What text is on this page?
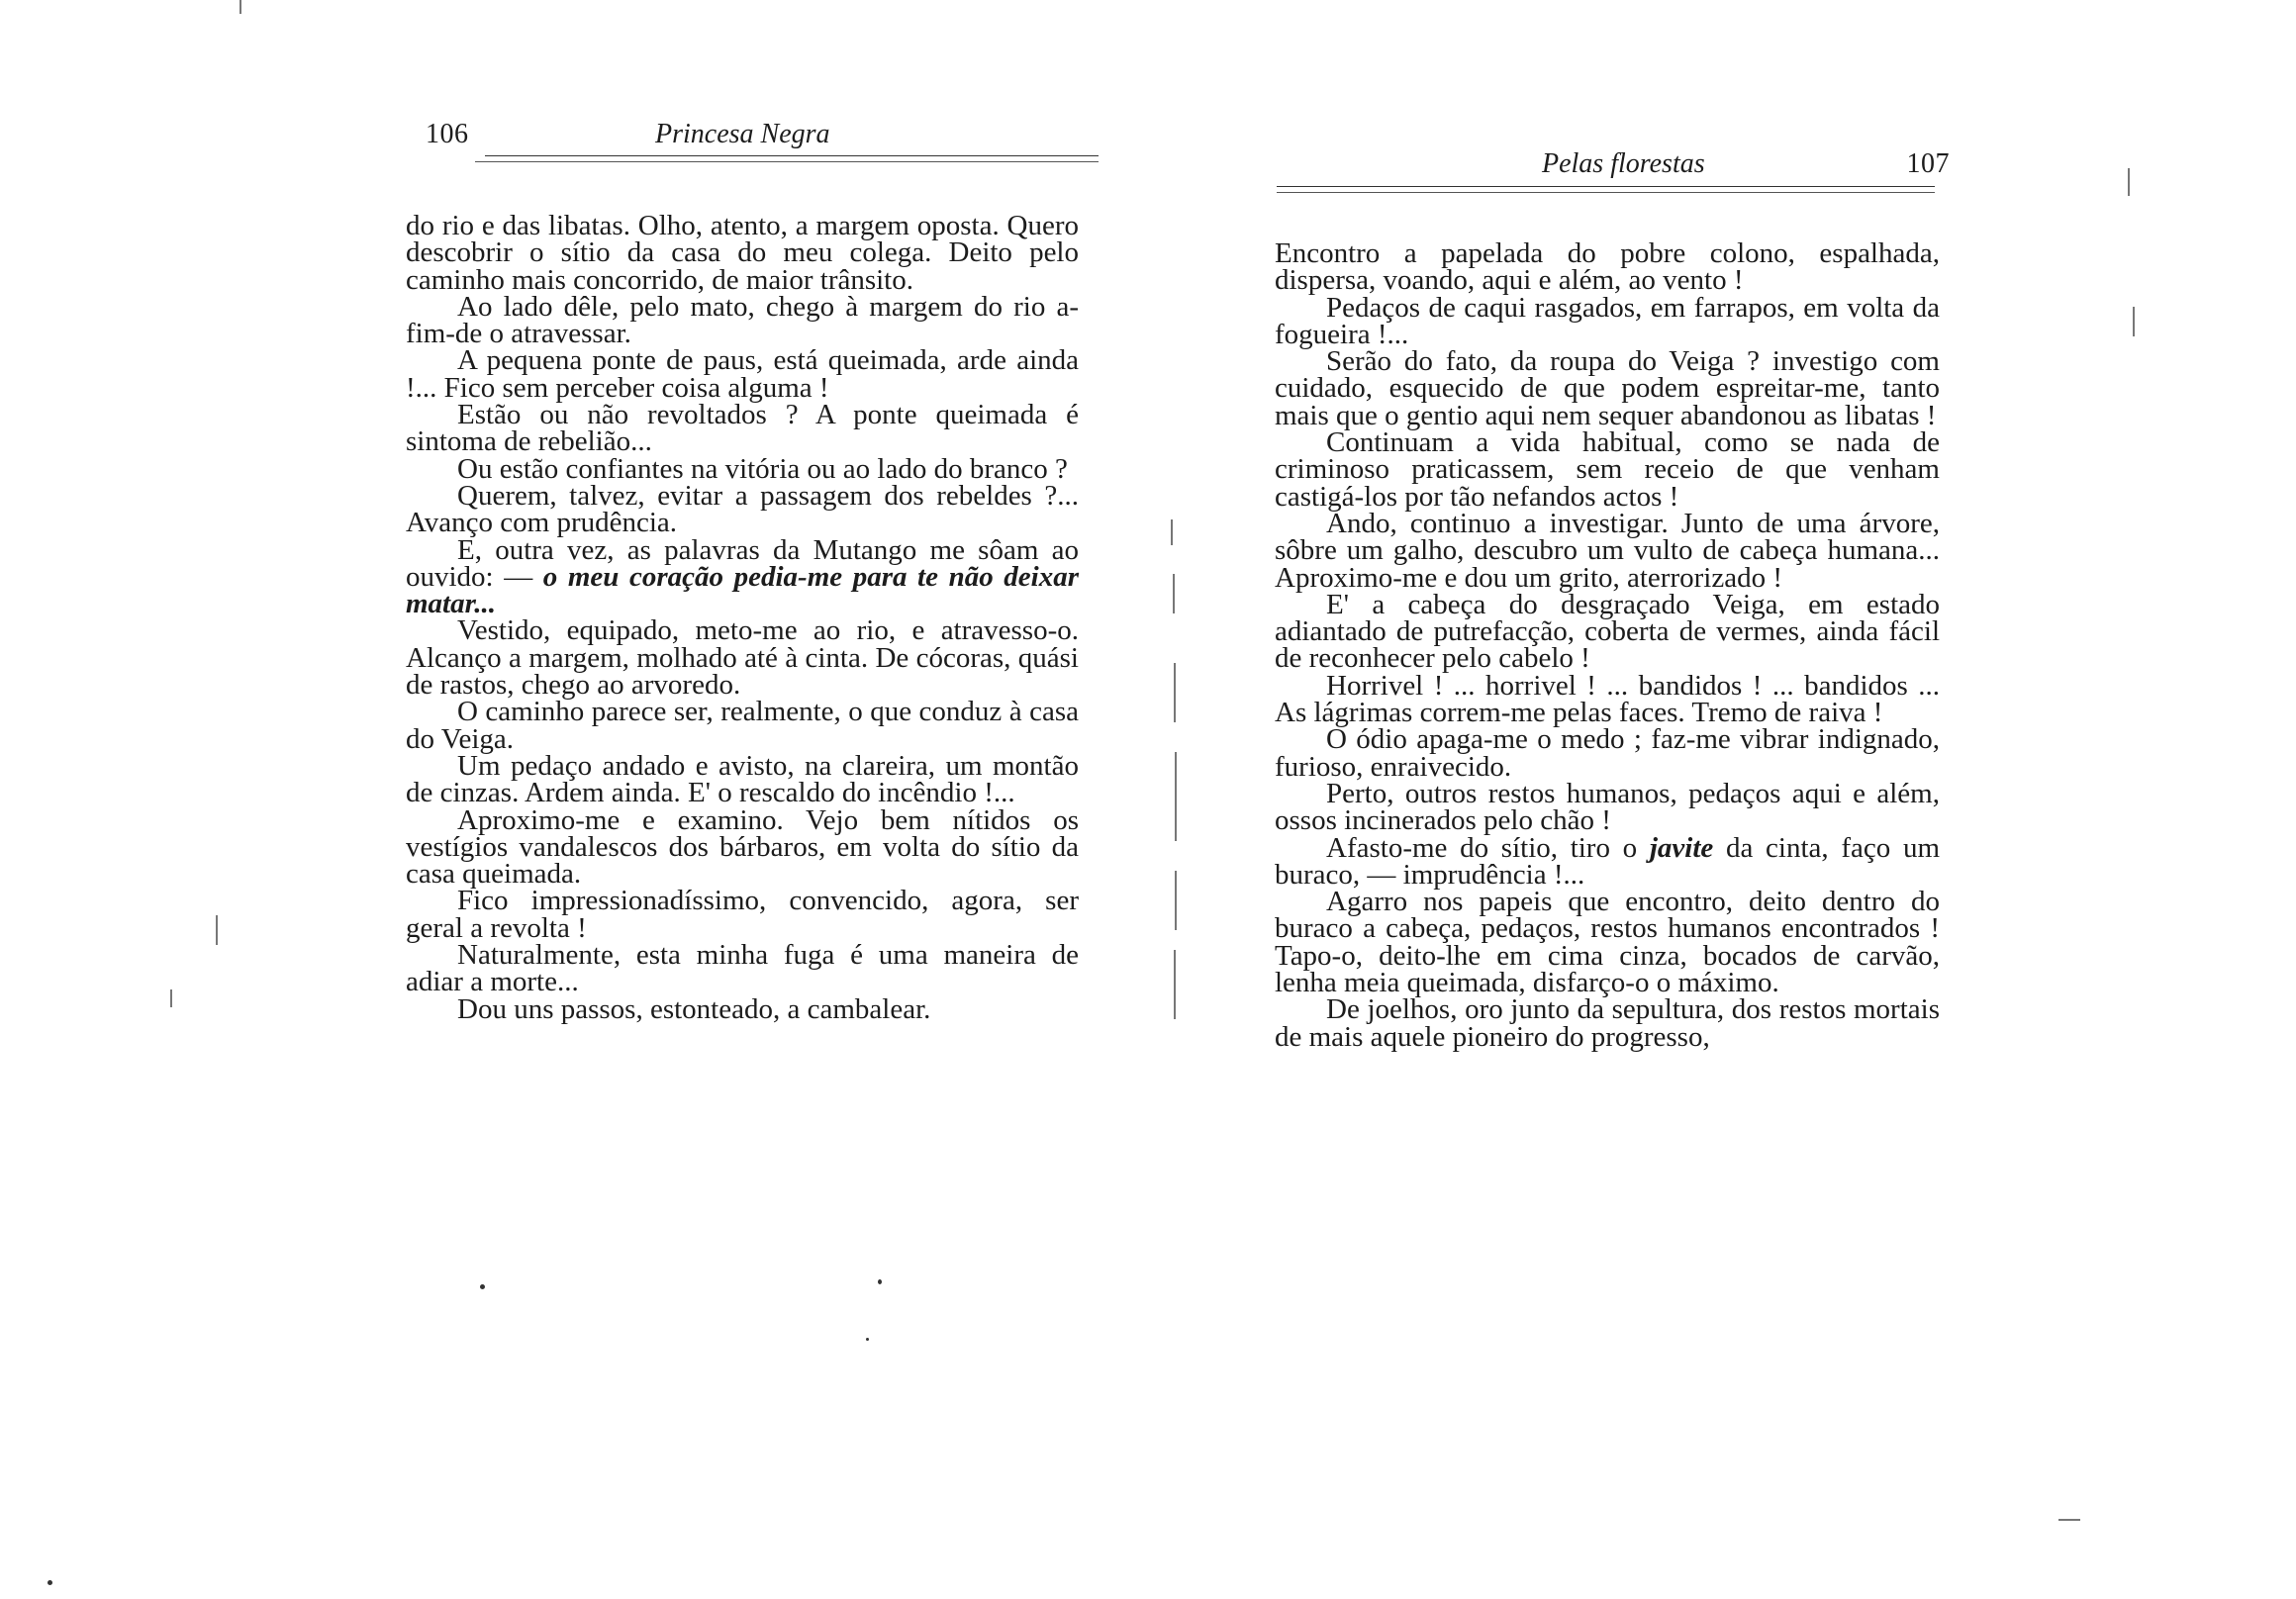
106	Princesa Negra

do rio e das libatas. Olho, atento, a margem oposta. Quero descobrir o sítio da casa do meu colega. Deito pelo caminho mais concorrido, de maior trânsito.

Ao lado dêle, pelo mato, chego à margem do rio a-fim-de o atravessar.

A pequena ponte de paus, está queimada, arde ainda !... Fico sem perceber coisa alguma !

Estão ou não revoltados ? A ponte queimada é sintoma de rebelião...

Ou estão confiantes na vitória ou ao lado do branco ?

Querem, talvez, evitar a passagem dos rebeldes ?... Avanço com prudência.

E, outra vez, as palavras da Mutango me sôam ao ouvido: — o meu coração pedia-me para te não deixar matar...

Vestido, equipado, meto-me ao rio, e atravesso-o. Alcanço a margem, molhado até à cinta. De cócoras, quási de rastos, chego ao arvoredo.

O caminho parece ser, realmente, o que conduz à casa do Veiga.

Um pedaço andado e avisto, na clareira, um montão de cinzas. Ardem ainda. E' o rescaldo do incêndio !...

Aproximo-me e examino. Vejo bem nítidos os vestígios vandalescos dos bárbaros, em volta do sítio da casa queimada.

Fico impressionadíssimo, convencido, agora, ser geral a revolta !

Naturalmente, esta minha fuga é uma maneira de adiar a morte...

Dou uns passos, estonteado, a cambalear.

Pelas florestas	107

Encontro a papelada do pobre colono, espalhada, dispersa, voando, aqui e além, ao vento !

Pedaços de caqui rasgados, em farrapos, em volta da fogueira !...

Serão do fato, da roupa do Veiga ? investigo com cuidado, esquecido de que podem espreitar-me, tanto mais que o gentio aqui nem sequer abandonou as libatas !

Continuam a vida habitual, como se nada de criminoso praticassem, sem receio de que venham castigá-los por tão nefandos actos !

Ando, continuo a investigar. Junto de uma árvore, sôbre um galho, descubro um vulto de cabeça humana... Aproximo-me e dou um grito, aterrorizado !

E' a cabeça do desgraçado Veiga, em estado adiantado de putrefacção, coberta de vermes, ainda fácil de reconhecer pelo cabelo !

Horrivel ! ... horrivel ! ... bandidos ! ... bandidos ... As lágrimas correm-me pelas faces. Tremo de raiva !

O ódio apaga-me o medo ; faz-me vibrar indignado, furioso, enraivecido.

Perto, outros restos humanos, pedaços aqui e além, ossos incinerados pelo chão !

Afasto-me do sítio, tiro o javite da cinta, faço um buraco, — imprudência !...

Agarro nos papeis que encontro, deito dentro do buraco a cabeça, pedaços, restos humanos encontrados ! Tapo-o, deito-lhe em cima cinza, bocados de carvão, lenha meia queimada, disfarço-o o máximo.

De joelhos, oro junto da sepultura, dos restos mortais de mais aquele pioneiro do progresso,
